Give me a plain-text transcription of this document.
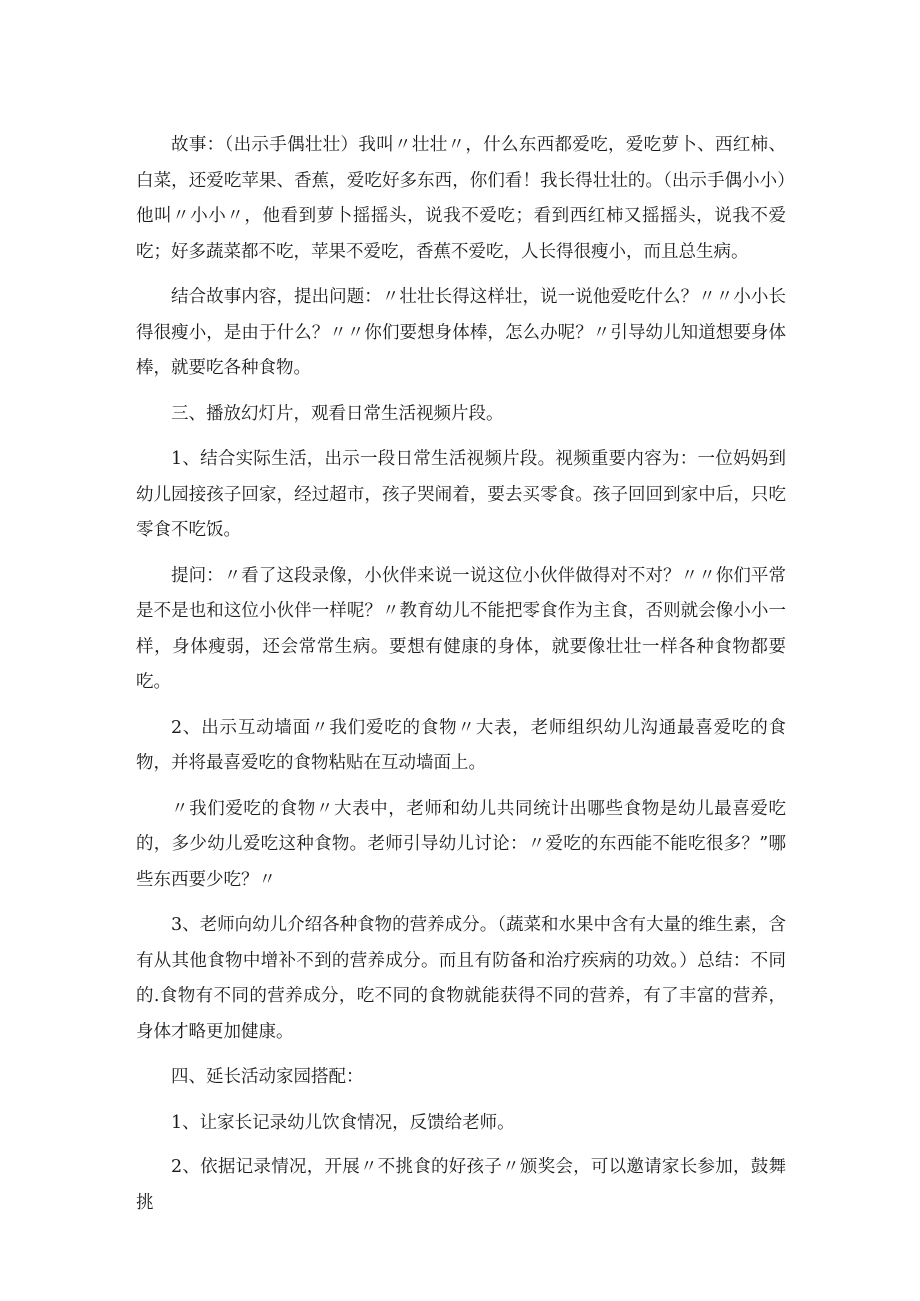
故事：（出示手偶壮壮）我叫〃壮壮〃，什么东西都爱吃，爱吃萝卜、西红柿、白菜，还爱吃苹果、香蕉，爱吃好多东西，你们看！我长得壮壮的。（出示手偶小小）他叫〃小小〃，他看到萝卜摇摇头，说我不爱吃；看到西红柿又摇摇头，说我不爱吃；好多蔬菜都不吃，苹果不爱吃，香蕉不爱吃，人长得很瘦小，而且总生病。

结合故事内容，提出问题：〃壮壮长得这样壮，说一说他爱吃什么？〃〃小小长得很瘦小，是由于什么？〃〃你们要想身体棒，怎么办呢？〃引导幼儿知道想要身体棒，就要吃各种食物。

三、播放幻灯片，观看日常生活视频片段。

1、结合实际生活，出示一段日常生活视频片段。视频重要内容为：一位妈妈到幼儿园接孩子回家，经过超市，孩子哭闹着，要去买零食。孩子回回到家中后，只吃零食不吃饭。

提问：〃看了这段录像，小伙伴来说一说这位小伙伴做得对不对？〃〃你们平常是不是也和这位小伙伴一样呢？〃教育幼儿不能把零食作为主食，否则就会像小小一样，身体瘦弱，还会常常生病。要想有健康的身体，就要像壮壮一样各种食物都要吃。

2、出示互动墙面〃我们爱吃的食物〃大表，老师组织幼儿沟通最喜爱吃的食物，并将最喜爱吃的食物粘贴在互动墙面上。

〃我们爱吃的食物〃大表中，老师和幼儿共同统计出哪些食物是幼儿最喜爱吃的，多少幼儿爱吃这种食物。老师引导幼儿讨论：〃爱吃的东西能不能吃很多？”哪些东西要少吃？〃

3、老师向幼儿介绍各种食物的营养成分。（蔬菜和水果中含有大量的维生素，含有从其他食物中增补不到的营养成分。而且有防备和治疗疾病的功效。）总结：不同的.食物有不同的营养成分，吃不同的食物就能获得不同的营养，有了丰富的营养，身体才略更加健康。

四、延长活动家园搭配：

1、让家长记录幼儿饮食情况，反馈给老师。

2、依据记录情况，开展〃不挑食的好孩子〃颁奖会，可以邀请家长参加，鼓舞挑
